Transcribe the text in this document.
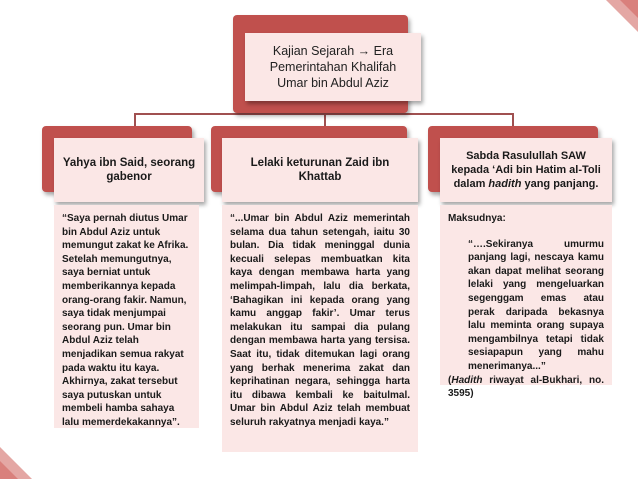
Kajian Sejarah → Era
Pemerintahan Khalifah
Umar bin Abdul Aziz
Yahya ibn Said, seorang gabenor
Lelaki keturunan Zaid ibn Khattab
Sabda Rasulullah SAW
kepada ‘Adi bin Hatim al-Toli dalam hadith yang panjang.

“Saya pernah diutus Umar bin Abdul Aziz untuk memungut zakat ke Afrika. Setelah memungutnya, saya berniat untuk memberikannya kepada orang-orang fakir. Namun, saya tidak menjumpai seorang pun. Umar bin Abdul Aziz telah menjadikan semua rakyat pada waktu itu kaya. Akhirnya, zakat tersebut saya putuskan untuk membeli hamba sahaya lalu memerdekakannya”.

“...Umar bin Abdul Aziz memerintah selama dua tahun setengah, iaitu 30 bulan. Dia tidak meninggal dunia kecuali selepas membuatkan kita kaya dengan membawa harta yang melimpah-limpah, lalu dia berkata, ‘Bahagikan ini kepada orang yang kamu anggap fakir’. Umar terus melakukan itu sampai dia pulang dengan membawa harta yang tersisa. Saat itu, tidak ditemukan lagi orang yang berhak menerima zakat dan keprihatinan negara, sehingga harta itu dibawa kembali ke baitulmal. Umar bin Abdul Aziz telah membuat seluruh rakyatnya menjadi kaya.”

Maksudnya:

“….Sekiranya umurmu panjang lagi, nescaya kamu akan dapat melihat seorang lelaki yang mengeluarkan segenggam emas atau perak daripada bekasnya lalu meminta orang supaya mengambilnya tetapi tidak sesiapapun yang mahu menerimanya...”

(Hadith riwayat al-Bukhari, no. 3595)
